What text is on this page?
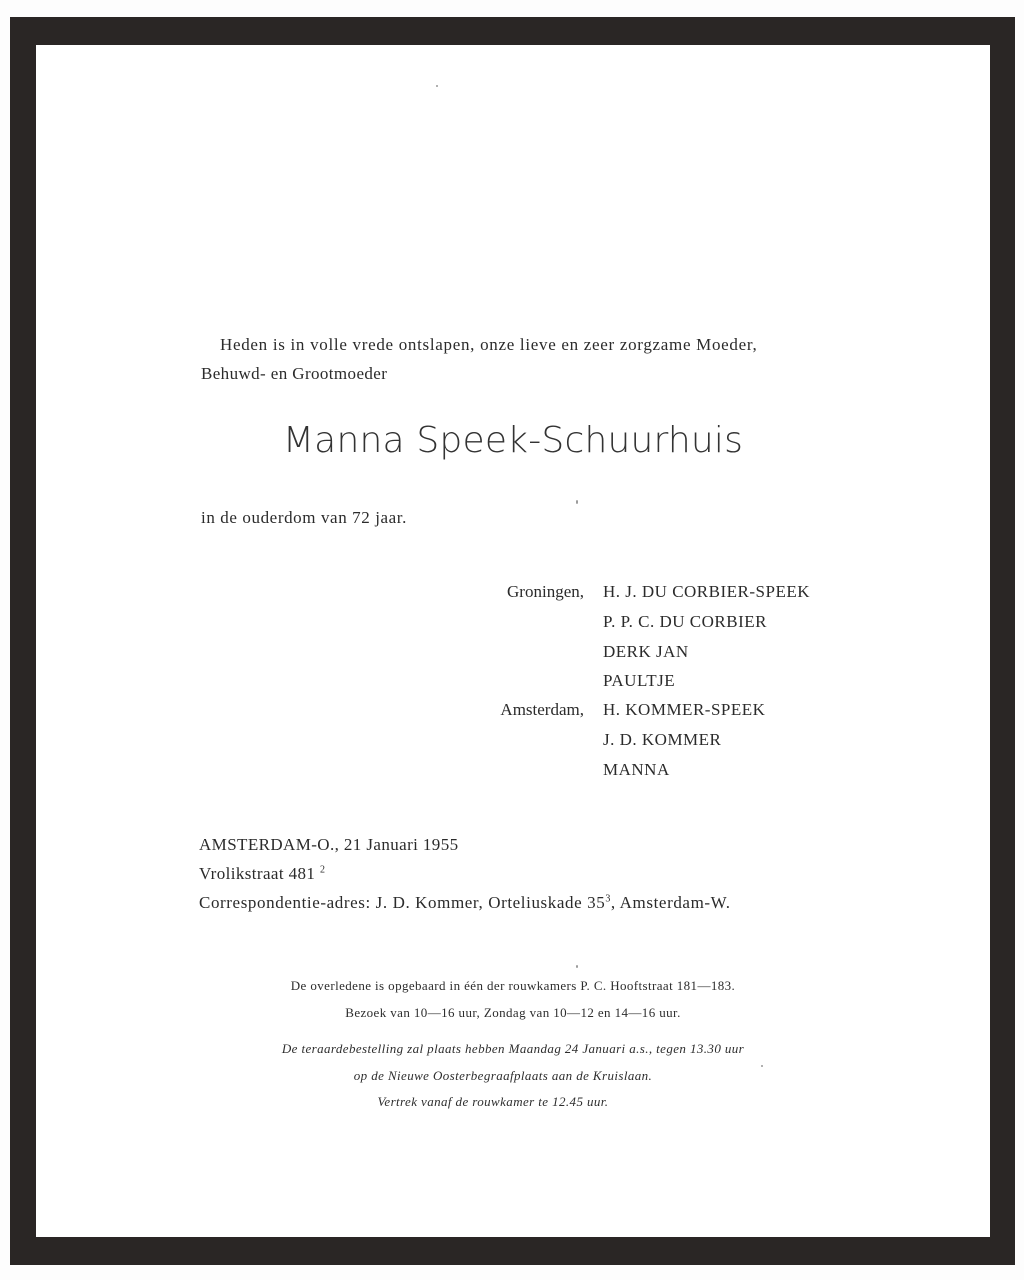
Heden is in volle vrede ontslapen, onze lieve en zeer zorgzame Moeder,

Behuwd- en Grootmoeder

Manna Speek-Schuurhuis

in de ouderdom van 72 jaar.

Groningen,
Amsterdam,
H. J. DU CORBIER-SPEEK
P. P. C. DU CORBIER
DERK JAN
PAULTJE
H. KOMMER-SPEEK
J. D. KOMMER
MANNA

AMSTERDAM-O., 21 Januari 1955

Vrolikstraat 481 $^2$

Correspondentie-adres: J. D. Kommer, Orteliuskade $35^3$, Amsterdam-W.

De overledene is opgebaard in één der rouwkamers P. C. Hooftstraat 181—183.

Bezoek van 10—16 uur, Zondag van 10—12 en 14—16 uur.

De teraardebestelling zal plaats hebben Maandag 24 Januari a.s., tegen 13.30 uur

op de Nieuwe Oosterbegraafplaats aan de Kruislaan.

Vertrek vanaf de rouwkamer te 12.45 uur.
